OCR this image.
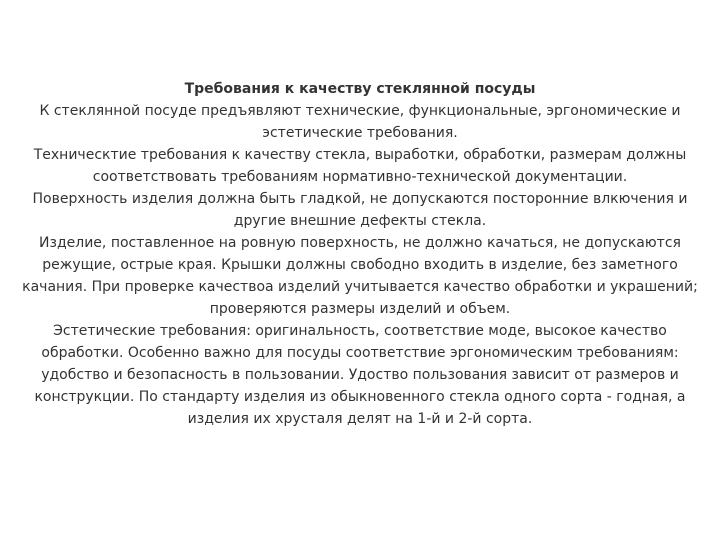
Требования к качеству стеклянной посуды
К стеклянной посуде предъявляют технические, функциональные, эргономические и эстетические требования.
Техническтие требования к качеству стекла, выработки, обработки, размерам должны соответствовать требованиям нормативно-технической документации.
Поверхность изделия должна быть гладкой, не допускаются посторонние влкючения и другие внешние дефекты стекла.
Изделие, поставленное на ровную поверхность, не должно качаться, не допускаются режущие, острые края. Крышки должны свободно входить в изделие, без заметного качания. При проверке качествоа изделий учитывается качество обработки и украшений; проверяются размеры изделий и объем.
Эстетические требования: оригинальность, соответствие моде, высокое качество обработки. Особенно важно для посуды соответствие эргономическим требованиям: удобство и безопасность в пользовании. Удоство пользования зависит от размеров и конструкции. По стандарту изделия из обыкновенного стекла одного сорта - годная, а изделия их хрусталя делят на 1-й и 2-й сорта.
